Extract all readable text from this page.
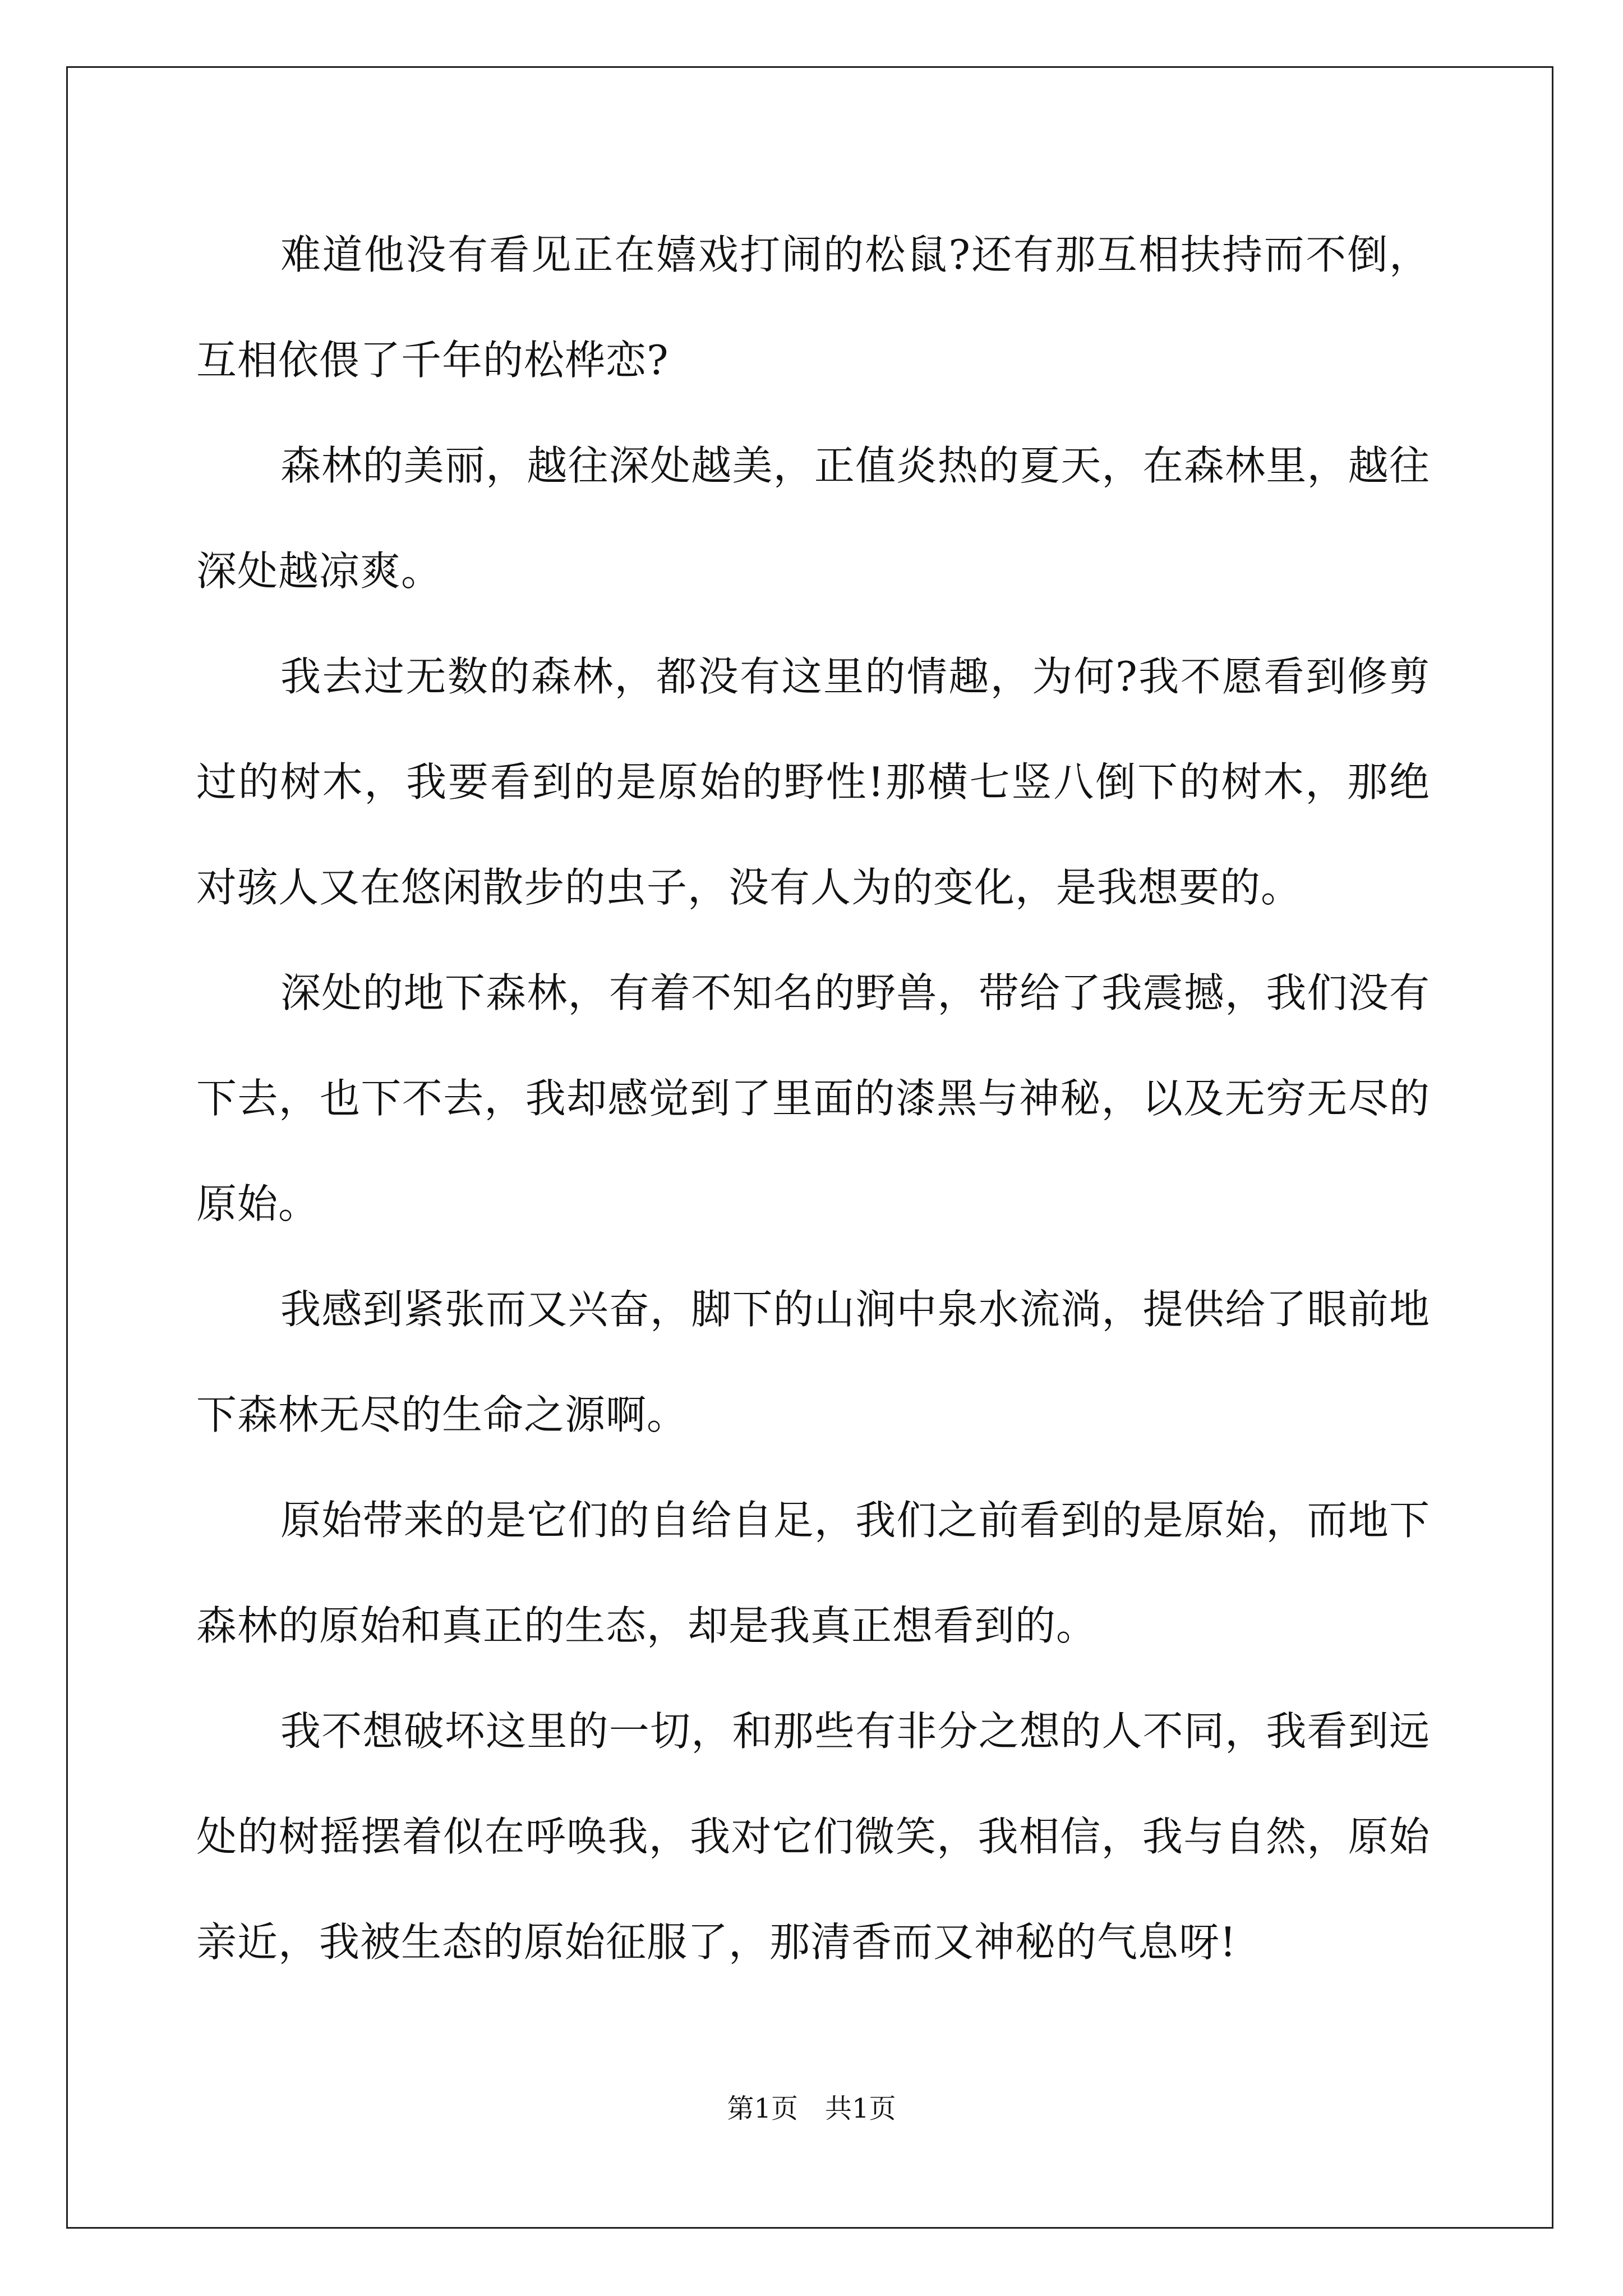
难道他没有看见正在嬉戏打闹的松鼠?还有那互相扶持而不倒，互相依偎了千年的松桦恋?

森林的美丽，越往深处越美，正值炎热的夏天，在森林里，越往深处越凉爽。

我去过无数的森林，都没有这里的情趣，为何?我不愿看到修剪过的树木，我要看到的是原始的野性!那横七竖八倒下的树木，那绝对骇人又在悠闲散步的虫子，没有人为的变化，是我想要的。

深处的地下森林，有着不知名的野兽，带给了我震撼，我们没有下去，也下不去，我却感觉到了里面的漆黑与神秘，以及无穷无尽的原始。

我感到紧张而又兴奋，脚下的山涧中泉水流淌，提供给了眼前地下森林无尽的生命之源啊。

原始带来的是它们的自给自足，我们之前看到的是原始，而地下森林的原始和真正的生态，却是我真正想看到的。

我不想破坏这里的一切，和那些有非分之想的人不同，我看到远处的树摇摆着似在呼唤我，我对它们微笑，我相信，我与自然，原始亲近，我被生态的原始征服了，那清香而又神秘的气息呀!

第1页　共1页
